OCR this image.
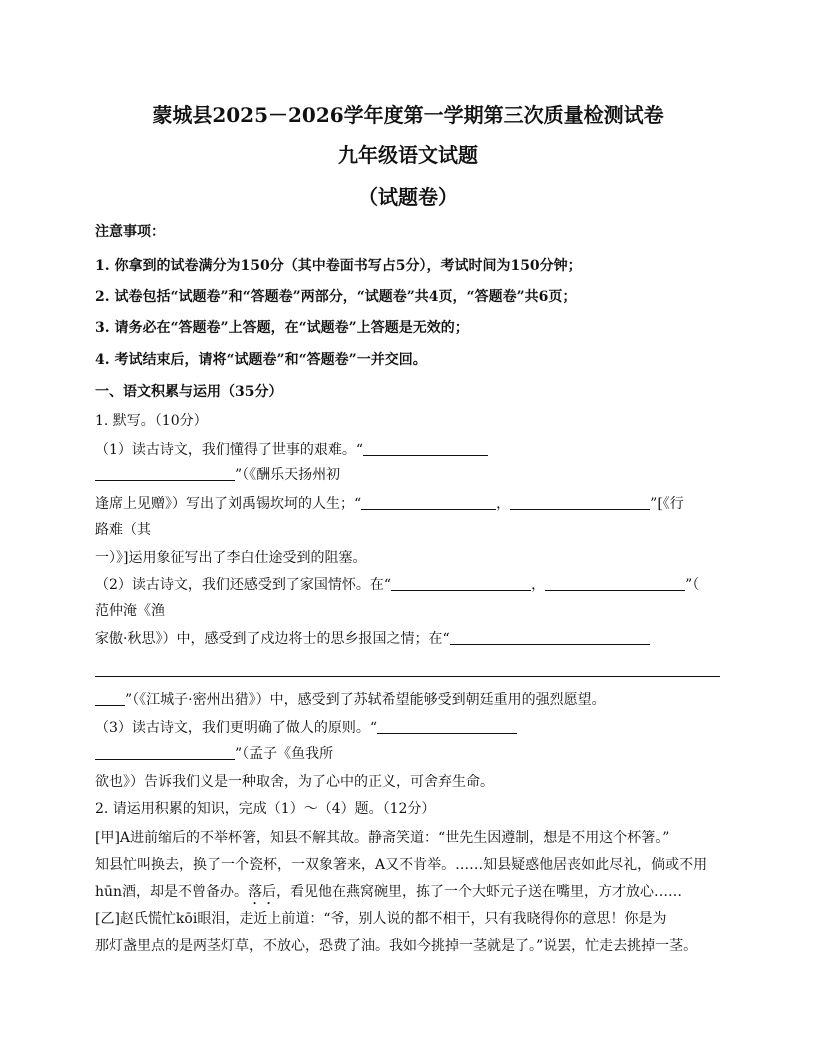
蒙城县2025－2026学年度第一学期第三次质量检测试卷
九年级语文试题
（试题卷）
注意事项：
1. 你拿到的试卷满分为150分（其中卷面书写占5分），考试时间为150分钟；
2. 试卷包括“试题卷”和“答题卷”两部分，“试题卷”共4页，“答题卷”共6页；
3. 请务必在“答题卷”上答题，在“试题卷”上答题是无效的；
4. 考试结束后，请将“试题卷”和“答题卷”一并交回。
一、语文积累与运用（35分）
1. 默写。（10分）
（1）读古诗文，我们懂得了世事的艰难。“
”（《酬乐天扬州初
逢席上见赠》）写出了刘禹锡坎坷的人生；“	，	”[《行
路难（其
一）》]运用象征写出了李白仕途受到的阻塞。
（2）读古诗文，我们还感受到了家国情怀。在“	，	”（
范仲淹《渔
家傲·秋思》）中，感受到了戍边将士的思乡报国之情；在“
”（《江城子·密州出猎》）中，感受到了苏轼希望能够受到朝廷重用的强烈愿望。
（3）读古诗文，我们更明确了做人的原则。“
”（孟子《鱼我所
欲也》）告诉我们义是一种取舍，为了心中的正义，可舍弃生命。
2. 请运用积累的知识，完成（1）～（4）题。（12分）
[甲]A进前缩后的不举杯箸，知县不解其故。静斋笑道：“世先生因遵制，想是不用这个杯箸。”
知县忙叫换去，换了一个瓷杯，一双象箸来，A又不肯举。……知县疑惑他居丧如此尽礼，倘或不用
hūn酒，却是不曾备办。落后，看见他在燕窝碗里，拣了一个大虾元子送在嘴里，方才放心……
[乙]赵氏慌忙kōi眼泪，走近上前道：“爷，别人说的都不相干，只有我晓得你的意思！你是为
那灯盏里点的是两茎灯草，不放心，恐费了油。我如今挑掉一茎就是了。”说罢，忙走去挑掉一茎。
